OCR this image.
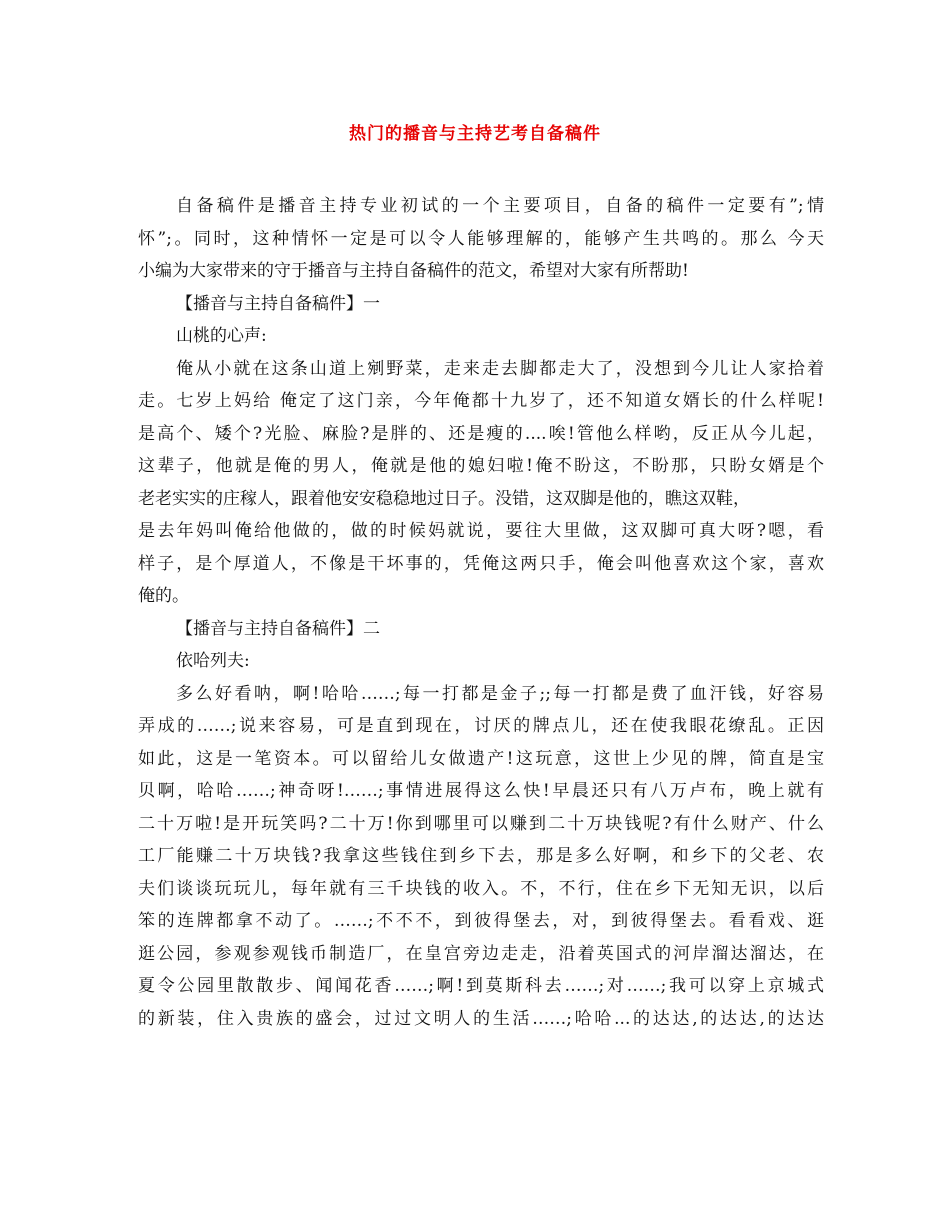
热门的播音与主持艺考自备稿件
自备稿件是播音主持专业初试的一个主要项目，自备的稿件一定要有”;情
怀”;。同时，这种情怀一定是可以令人能够理解的，能够产生共鸣的。那么 今天
小编为大家带来的守于播音与主持自备稿件的范文，希望对大家有所帮助!
【播音与主持自备稿件】一
山桃的心声:
俺从小就在这条山道上剜野菜，走来走去脚都走大了，没想到今儿让人家拾着
走。七岁上妈给 俺定了这门亲，今年俺都十九岁了，还不知道女婿长的什么样呢!
是高个、矮个?光脸、麻脸?是胖的、还是瘦的....唉!管他么样哟，反正从今儿起，
这辈子，他就是俺的男人，俺就是他的媳妇啦!俺不盼这，不盼那，只盼女婿是个
老老实实的庄稼人，跟着他安安稳稳地过日子。没错，这双脚是他的，瞧这双鞋，
是去年妈叫俺给他做的，做的时候妈就说，要往大里做，这双脚可真大呀?嗯，看
样子，是个厚道人，不像是干坏事的，凭俺这两只手，俺会叫他喜欢这个家，喜欢
俺的。
【播音与主持自备稿件】二
依哈列夫:
多么好看呐，啊!哈哈……;每一打都是金子;;每一打都是费了血汗钱，好容易
弄成的……;说来容易，可是直到现在，讨厌的牌点儿，还在使我眼花缭乱。正因
如此，这是一笔资本。可以留给儿女做遗产!这玩意，这世上少见的牌，简直是宝
贝啊，哈哈……;神奇呀!……;事情进展得这么快!早晨还只有八万卢布，晚上就有
二十万啦!是开玩笑吗?二十万!你到哪里可以赚到二十万块钱呢?有什么财产、什么
工厂能赚二十万块钱?我拿这些钱住到乡下去，那是多么好啊，和乡下的父老、农
夫们谈谈玩玩儿，每年就有三千块钱的收入。不，不行，住在乡下无知无识，以后
笨的连牌都拿不动了。……;不不不，到彼得堡去，对，到彼得堡去。看看戏、逛
逛公园，参观参观钱币制造厂，在皇宫旁边走走，沿着英国式的河岸溜达溜达，在
夏令公园里散散步、闻闻花香……;啊!到莫斯科去……;对……;我可以穿上京城式
的新装，住入贵族的盛会，过过文明人的生活……;哈哈...的达达,的达达,的达达
